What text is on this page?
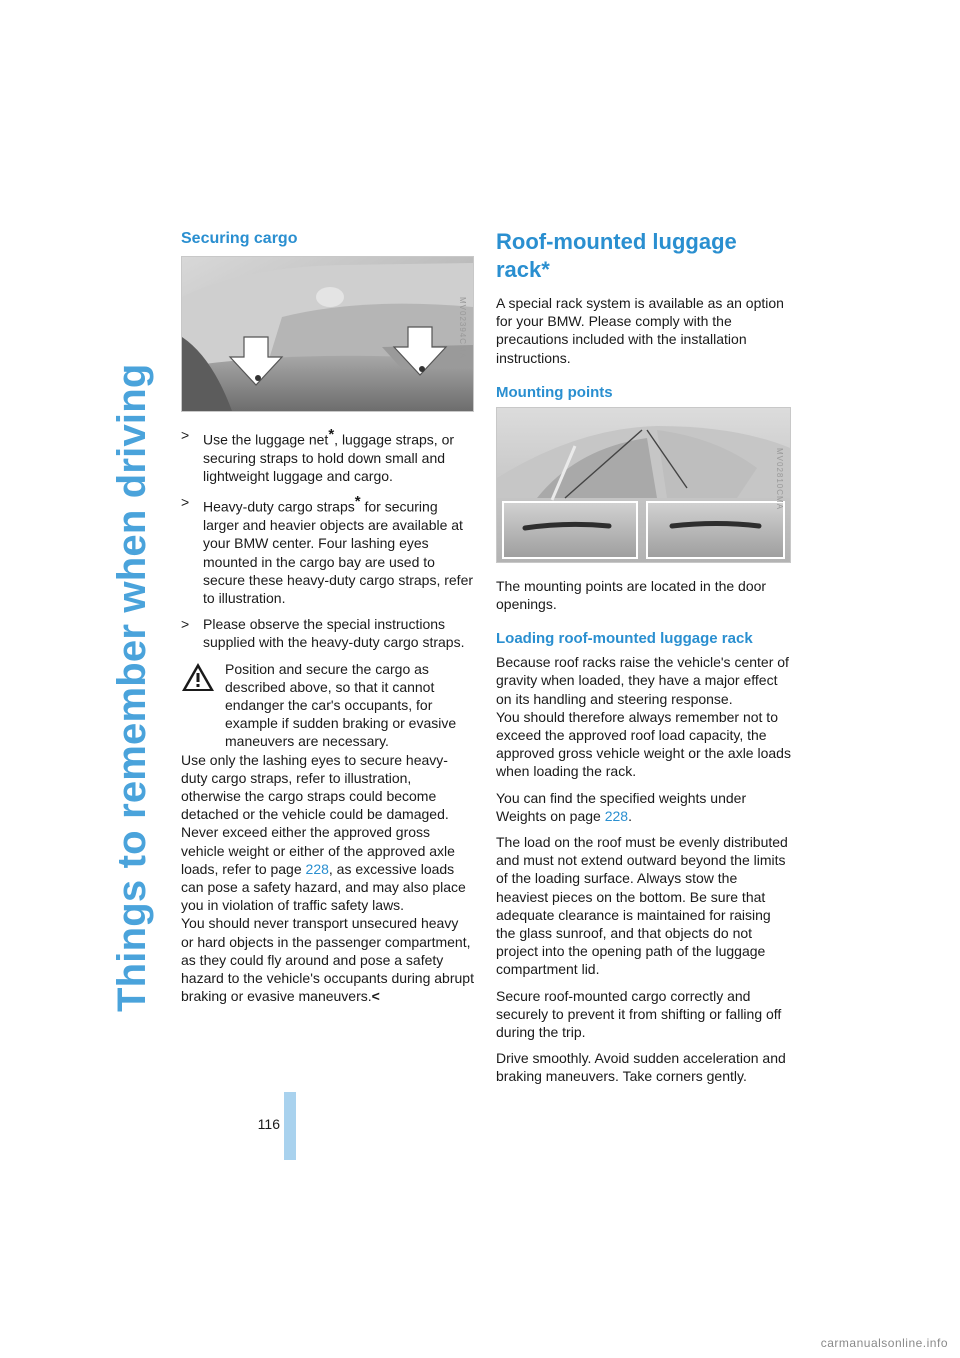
Things to remember when driving
116
Securing cargo
MV02394CMA
> Use the luggage net*, luggage straps, or securing straps to hold down small and lightweight luggage and cargo.
> Heavy-duty cargo straps* for securing larger and heavier objects are available at your BMW center. Four lashing eyes mounted in the cargo bay are used to secure these heavy-duty cargo straps, refer to illustration.
> Please observe the special instructions supplied with the heavy-duty cargo straps.

Position and secure the cargo as described above, so that it cannot endanger the car's occupants, for example if sudden braking or evasive maneuvers are necessary.

Use only the lashing eyes to secure heavy-duty cargo straps, refer to illustration, otherwise the cargo straps could become detached or the vehicle could be damaged.

Never exceed either the approved gross vehicle weight or either of the approved axle loads, refer to page 228, as excessive loads can pose a safety hazard, and may also place you in violation of traffic safety laws.

You should never transport unsecured heavy or hard objects in the passenger compartment, as they could fly around and pose a safety hazard to the vehicle's occupants during abrupt braking or evasive maneuvers.<

Roof-mounted luggage rack*

A special rack system is available as an option for your BMW. Please comply with the precautions included with the installation instructions.

Mounting points
MV02810CMA

The mounting points are located in the door openings.

Loading roof-mounted luggage rack

Because roof racks raise the vehicle's center of gravity when loaded, they have a major effect on its handling and steering response.

You should therefore always remember not to exceed the approved roof load capacity, the approved gross vehicle weight or the axle loads when loading the rack.

You can find the specified weights under Weights on page 228.

The load on the roof must be evenly distributed and must not extend outward beyond the limits of the loading surface. Always stow the heaviest pieces on the bottom. Be sure that adequate clearance is maintained for raising the glass sunroof, and that objects do not project into the opening path of the luggage compartment lid.

Secure roof-mounted cargo correctly and securely to prevent it from shifting or falling off during the trip.

Drive smoothly. Avoid sudden acceleration and braking maneuvers. Take corners gently.

carmanualsonline.info
